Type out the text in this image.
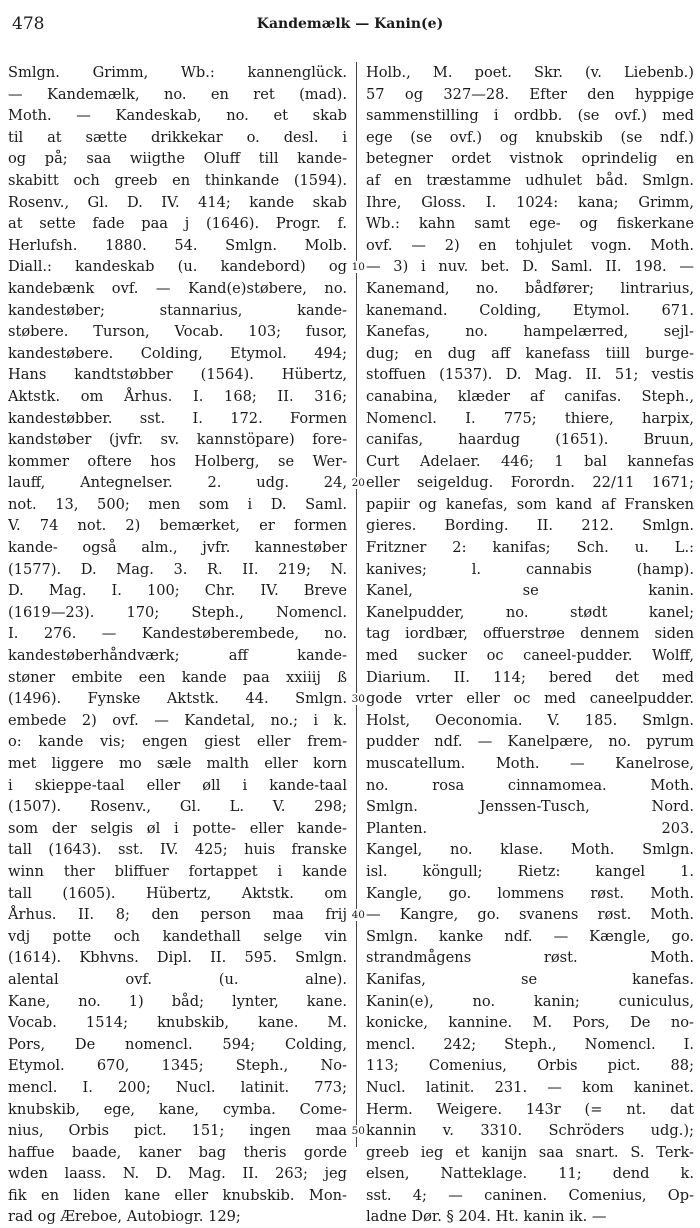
478	Kandemælk — Kanin(e)
Smlgn. Grimm, Wb.: kannenglück.
— Kandemælk, no. en ret (mad).
Moth. — Kandeskab, no. et skab
til at sætte drikkekar o. desl. i
og på; saa wiigthe Oluff till kande-
skabitt och greeb en thinkande (1594).
Rosenv., Gl. D. IV. 414; kande skab
at sette fade paa j (1646). Progr. f.
Herlufsh. 1880. 54. Smlgn. Molb.
Diall.: kandeskab (u. kandebord) og
kandebænk ovf. — Kand(e)støbere, no.
kandestøber; stannarius, kande-
støbere. Turson, Vocab. 103; fusor,
kandestøbere. Colding, Etymol. 494;
Hans kandtstøbber (1564). Hübertz,
Aktstk. om Århus. I. 168; II. 316;
kandestøbber. sst. I. 172. Formen
kandstøber (jvfr. sv. kannstöpare) fore-
kommer oftere hos Holberg, se Wer-
lauff, Antegnelser. 2. udg. 24,
not. 13, 500; men som i D. Saml.
V. 74 not. 2) bemærket, er formen
kande- også alm., jvfr. kannestøber
(1577). D. Mag. 3. R. II. 219; N.
D. Mag. I. 100; Chr. IV. Breve
(1619—23). 170; Steph., Nomencl.
I. 276. — Kandestøberembede, no.
kandestøberhåndværk; aff kande-
støner embite een kande paa xxiiij ß
(1496). Fynske Aktstk. 44. Smlgn.
embede 2) ovf. — Kandetal, no.; i k.
o: kande vis; engen giest eller frem-
met liggere mo sæle malth eller korn
i skieppe-taal eller øll i kande-taal
(1507). Rosenv., Gl. L. V. 298;
som der selgis øl i potte- eller kande-
tall (1643). sst. IV. 425; huis franske
winn ther bliffuer fortappet i kande
tall (1605). Hübertz, Aktstk. om
Århus. II. 8; den person maa frij
vdj potte och kandethall selge vin
(1614). Kbhvns. Dipl. II. 595. Smlgn.
alental ovf. (u. alne).
Kane, no. 1) båd; lynter, kane.
Vocab. 1514; knubskib, kane. M.
Pors, De nomencl. 594; Colding,
Etymol. 670, 1345; Steph., No-
mencl. I. 200; Nucl. latinit. 773;
knubskib, ege, kane, cymba. Come-
nius, Orbis pict. 151; ingen maa
haffue baade, kaner bag theris gorde
wden laass. N. D. Mag. II. 263; jeg
fik en liden kane eller knubskib. Mon-
rad og Æreboe, Autobiogr. 129;
10
20
30
40
50
Holb., M. poet. Skr. (v. Liebenb.)
57 og 327—28. Efter den hyppige
sammenstilling i ordbb. (se ovf.) med
ege (se ovf.) og knubskib (se ndf.)
betegner ordet vistnok oprindelig en
af en træstamme udhulet båd. Smlgn.
Ihre, Gloss. I. 1024: kana; Grimm,
Wb.: kahn samt ege- og fiskerkane
ovf. — 2) en tohjulet vogn. Moth.
— 3) i nuv. bet. D. Saml. II. 198. —
Kanemand, no. bådfører; lintrarius,
kanemand. Colding, Etymol. 671.
Kanefas, no. hampelærred, sejl-
dug; en dug aff kanefass tiill burge-
stoffuen (1537). D. Mag. II. 51; vestis
canabina, klæder af canifas. Steph.,
Nomencl. I. 775; thiere, harpix,
canifas, haardug (1651). Bruun,
Curt Adelaer. 446; 1 bal kannefas
eller seigeldug. Forordn. 22/11 1671;
papiir og kanefas, som kand af Fransken
gieres. Bording. II. 212. Smlgn.
Fritzner 2: kanifas; Sch. u. L.:
kanives; l. cannabis (hamp).
Kanel, se kanin.
Kanelpudder, no. stødt kanel;
tag iordbær, offuerstrøe dennem siden
med sucker oc caneel-pudder. Wolff,
Diarium. II. 114; bered det med
gode vrter eller oc med caneelpudder.
Holst, Oeconomia. V. 185. Smlgn.
pudder ndf. — Kanelpære, no. pyrum
muscatellum. Moth. — Kanelrose,
no. rosa cinnamomea. Moth.
Smlgn. Jenssen-Tusch, Nord.
Planten. 203.
Kangel, no. klase. Moth. Smlgn.
isl. köngull; Rietz: kangel 1.
Kangle, go. lommens røst. Moth.
— Kangre, go. svanens røst. Moth.
Smlgn. kanke ndf. — Kængle, go.
strandmågens røst. Moth.
Kanifas, se kanefas.
Kanin(e), no. kanin; cuniculus,
konicke, kannine. M. Pors, De no-
mencl. 242; Steph., Nomencl. I.
113; Comenius, Orbis pict. 88;
Nucl. latinit. 231. — kom kaninet.
Herm. Weigere. 143r (= nt. dat
kannin v. 3310. Schröders udg.);
greeb ieg et kanijn saa snart. S. Terk-
elsen, Natteklage. 11; dend k.
sst. 4; — caninen. Comenius, Op-
ladne Dør. § 204. Ht. kanin ik. —
